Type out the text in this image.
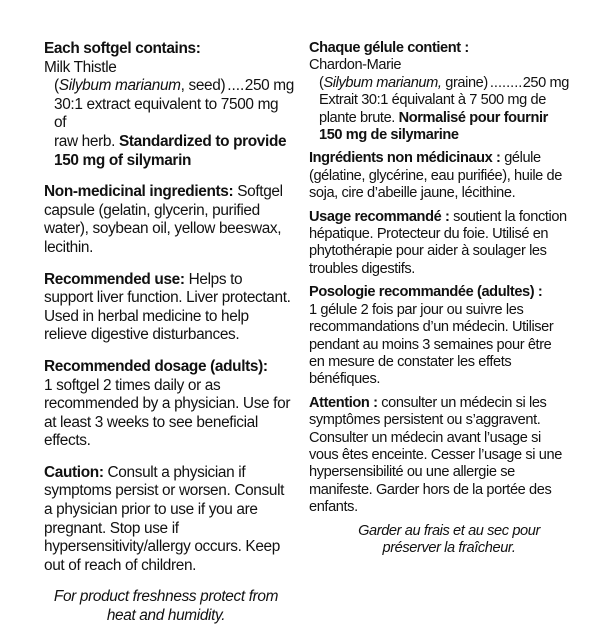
Each softgel contains:
Milk Thistle
(Silybum marianum, seed) ..... 250 mg
30:1 extract equivalent to 7500 mg of
raw herb. Standardized to provide
150 mg of silymarin

Non-medicinal ingredients: Softgel capsule (gelatin, glycerin, purified water), soybean oil, yellow beeswax, lecithin.

Recommended use: Helps to support liver function. Liver protectant. Used in herbal medicine to help relieve digestive disturbances.

Recommended dosage (adults):
1 softgel 2 times daily or as recommended by a physician. Use for at least 3 weeks to see beneficial effects.

Caution: Consult a physician if symptoms persist or worsen. Consult a physician prior to use if you are pregnant. Stop use if hypersensitivity/allergy occurs. Keep out of reach of children.

For product freshness protect from
heat and humidity.
Chaque gélule contient :
Chardon-Marie
(Silybum marianum, graine) ..... 250 mg
Extrait 30:1 équivalant à 7 500 mg de
plante brute. Normalisé pour fournir
150 mg de silymarine

Ingrédients non médicinaux : gélule (gélatine, glycérine, eau purifiée), huile de soja, cire d’abeille jaune, lécithine.

Usage recommandé : soutient la fonction hépatique. Protecteur du foie. Utilisé en phytothérapie pour aider à soulager les troubles digestifs.

Posologie recommandée (adultes) :
1 gélule 2 fois par jour ou suivre les recommandations d’un médecin. Utiliser pendant au moins 3 semaines pour être en mesure de constater les effets bénéfiques.

Attention : consulter un médecin si les symptômes persistent ou s’aggravent. Consulter un médecin avant l’usage si vous êtes enceinte. Cesser l’usage si une hypersensibilité ou une allergie se manifeste. Garder hors de la portée des enfants.

Garder au frais et au sec pour
préserver la fraîcheur.
